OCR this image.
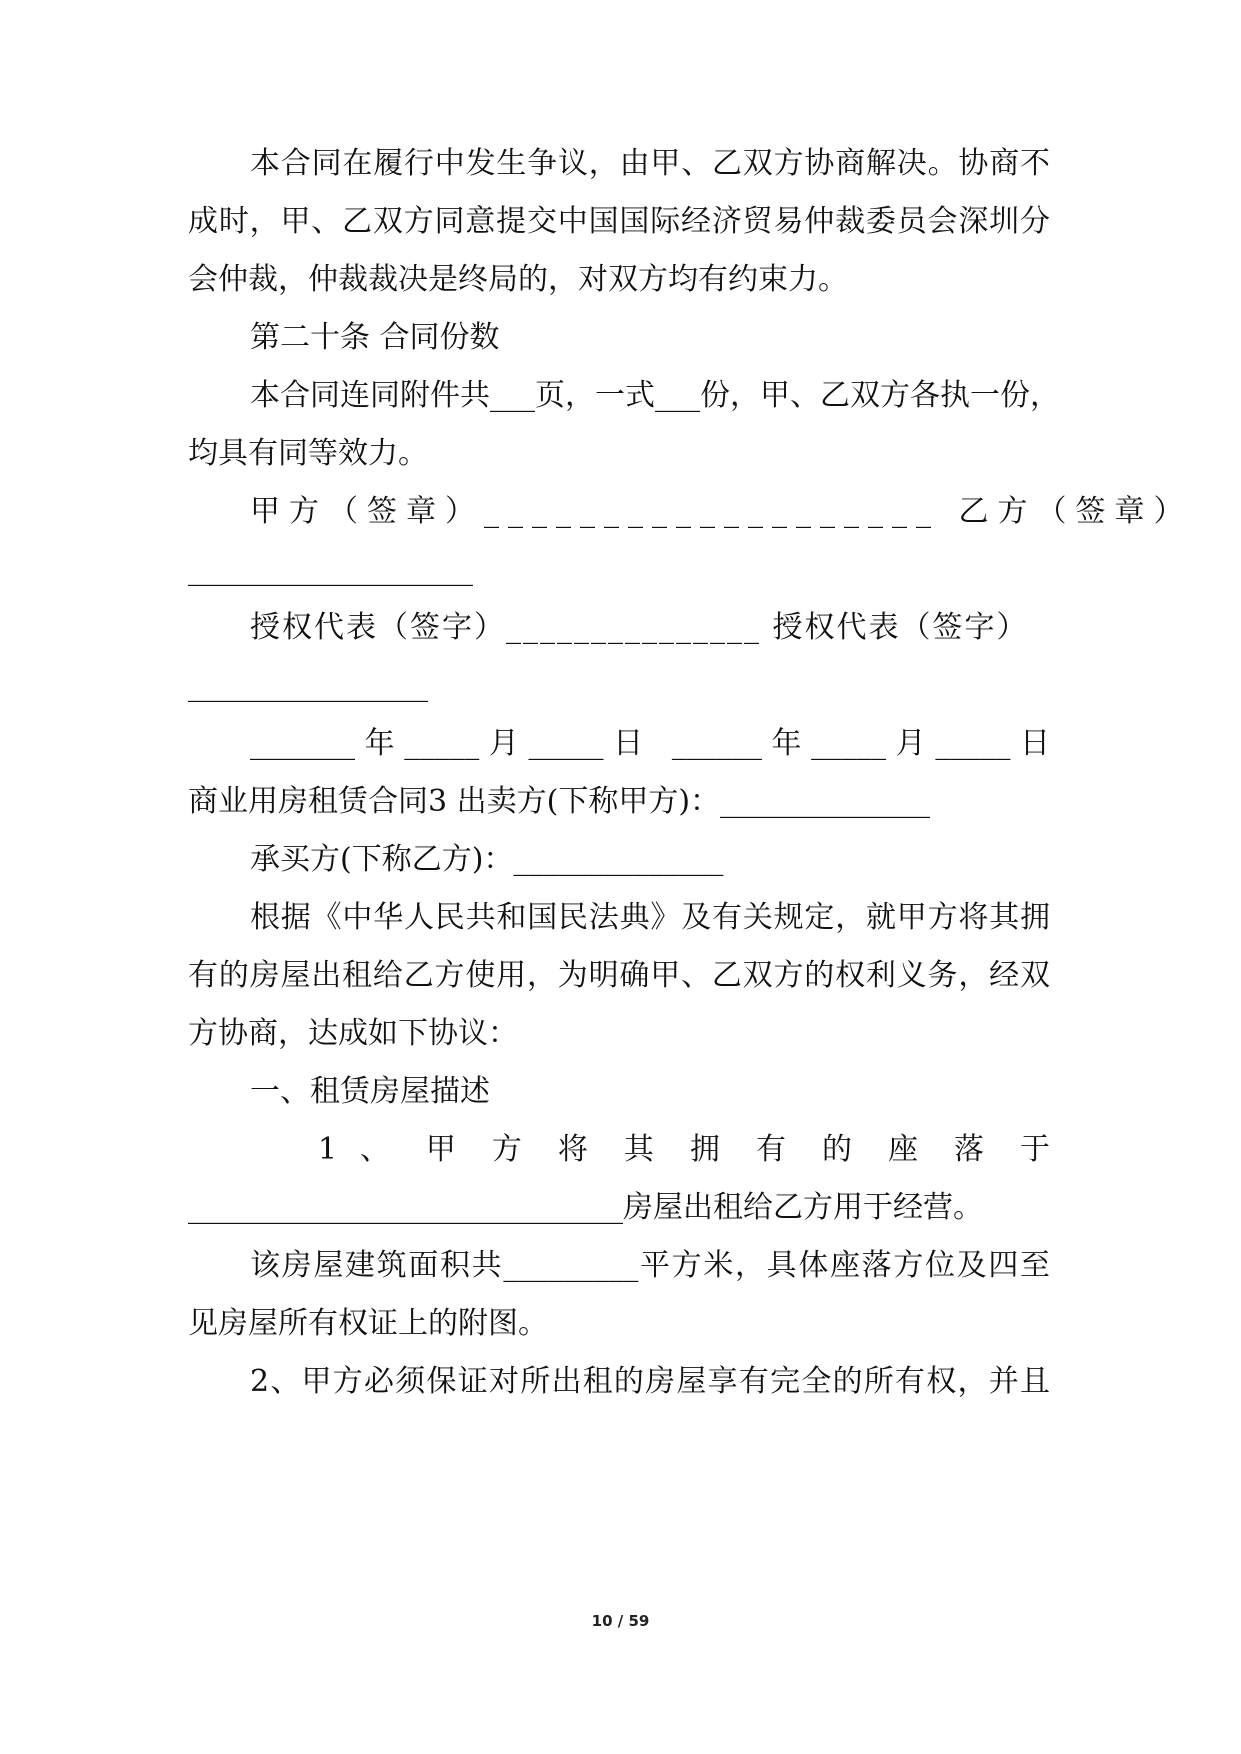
本合同在履行中发生争议，由甲、乙双方协商解决。协商不
成时，甲、乙双方同意提交中国国际经济贸易仲裁委员会深圳分
会仲裁，仲裁裁决是终局的，对双方均有约束力。
第二十条 合同份数
本合同连同附件共___页，一式___份，甲、乙双方各执一份，
均具有同等效力。
甲方（签章）___________________ 乙方（签章）
___________________
授权代表（签字）_______________ 授权代表（签字）
________________
_______年_____月_____日 ______年_____月_____日
商业用房租赁合同3 出卖方(下称甲方)：______________
承买方(下称乙方)：______________
根据《中华人民共和国民法典》及有关规定，就甲方将其拥
有的房屋出租给乙方使用，为明确甲、乙双方的权利义务，经双
方协商，达成如下协议：
一、租赁房屋描述
1 、 甲 方 将 其 拥 有 的 座 落 于
_____________________________房屋出租给乙方用于经营。
该房屋建筑面积共_________平方米，具体座落方位及四至
见房屋所有权证上的附图。
2、甲方必须保证对所出租的房屋享有完全的所有权，并且
10 / 59
